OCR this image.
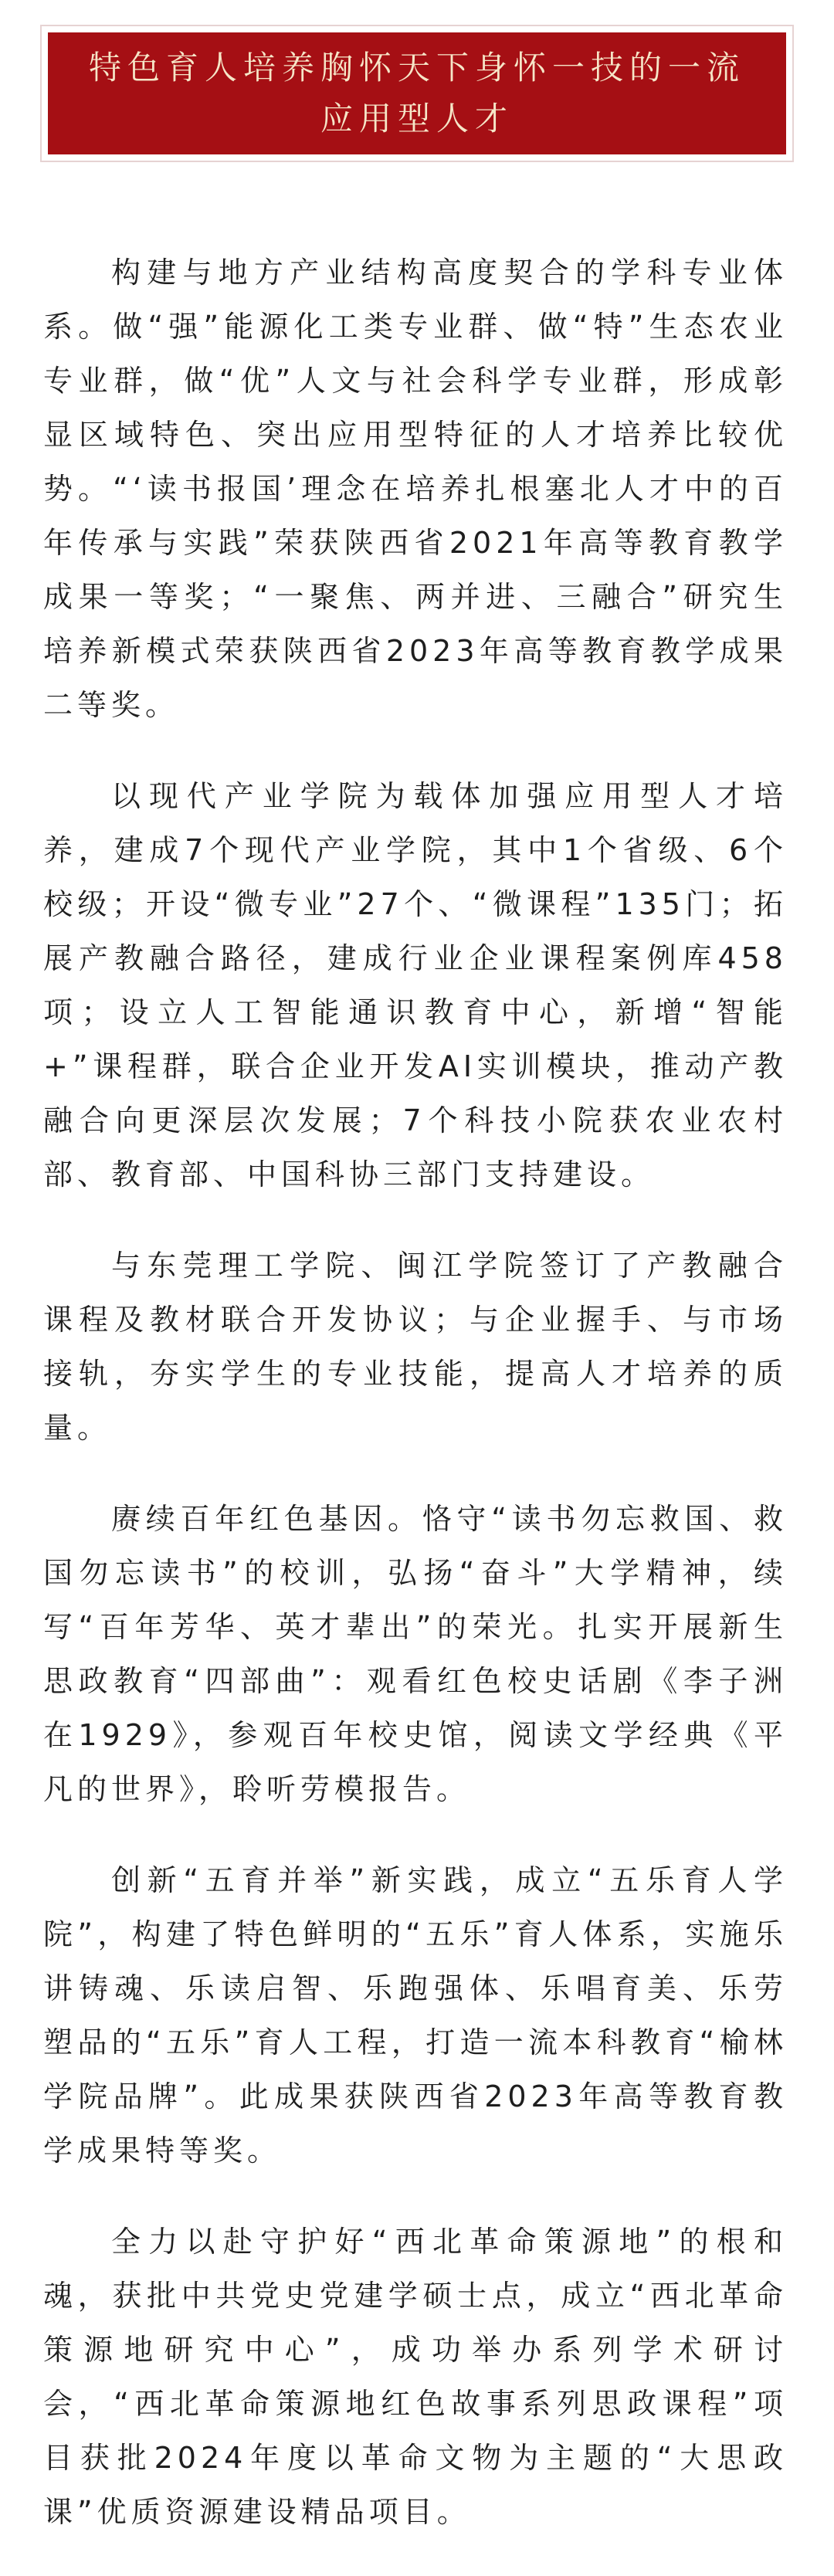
特色育人培养胸怀天下身怀一技的一流应用型人才

构建与地方产业结构高度契合的学科专业体系。做“强”能源化工类专业群、做“特”生态农业专业群，做“优”人文与社会科学专业群，形成彰显区域特色、突出应用型特征的人才培养比较优势。“‘读书报国’理念在培养扎根塞北人才中的百年传承与实践”荣获陕西省2021年高等教育教学成果一等奖；“一聚焦、两并进、三融合”研究生培养新模式荣获陕西省2023年高等教育教学成果二等奖。

以现代产业学院为载体加强应用型人才培养，建成7个现代产业学院，其中1个省级、6个校级；开设“微专业”27个、“微课程”135门；拓展产教融合路径，建成行业企业课程案例库458项；设立人工智能通识教育中心，新增“智能+”课程群，联合企业开发AI实训模块，推动产教融合向更深层次发展；7个科技小院获农业农村部、教育部、中国科协三部门支持建设。

与东莞理工学院、闽江学院签订了产教融合课程及教材联合开发协议；与企业握手、与市场接轨，夯实学生的专业技能，提高人才培养的质量。

赓续百年红色基因。恪守“读书勿忘救国、救国勿忘读书”的校训，弘扬“奋斗”大学精神，续写“百年芳华、英才辈出”的荣光。扎实开展新生思政教育“四部曲”：观看红色校史话剧《李子洲在1929》，参观百年校史馆，阅读文学经典《平凡的世界》，聆听劳模报告。

创新“五育并举”新实践，成立“五乐育人学院”，构建了特色鲜明的“五乐”育人体系，实施乐讲铸魂、乐读启智、乐跑强体、乐唱育美、乐劳塑品的“五乐”育人工程，打造一流本科教育“榆林学院品牌”。此成果获陕西省2023年高等教育教学成果特等奖。

全力以赴守护好“西北革命策源地”的根和魂，获批中共党史党建学硕士点，成立“西北革命策源地研究中心”，成功举办系列学术研讨会，“西北革命策源地红色故事系列思政课程”项目获批2024年度以革命文物为主题的“大思政课”优质资源建设精品项目。
